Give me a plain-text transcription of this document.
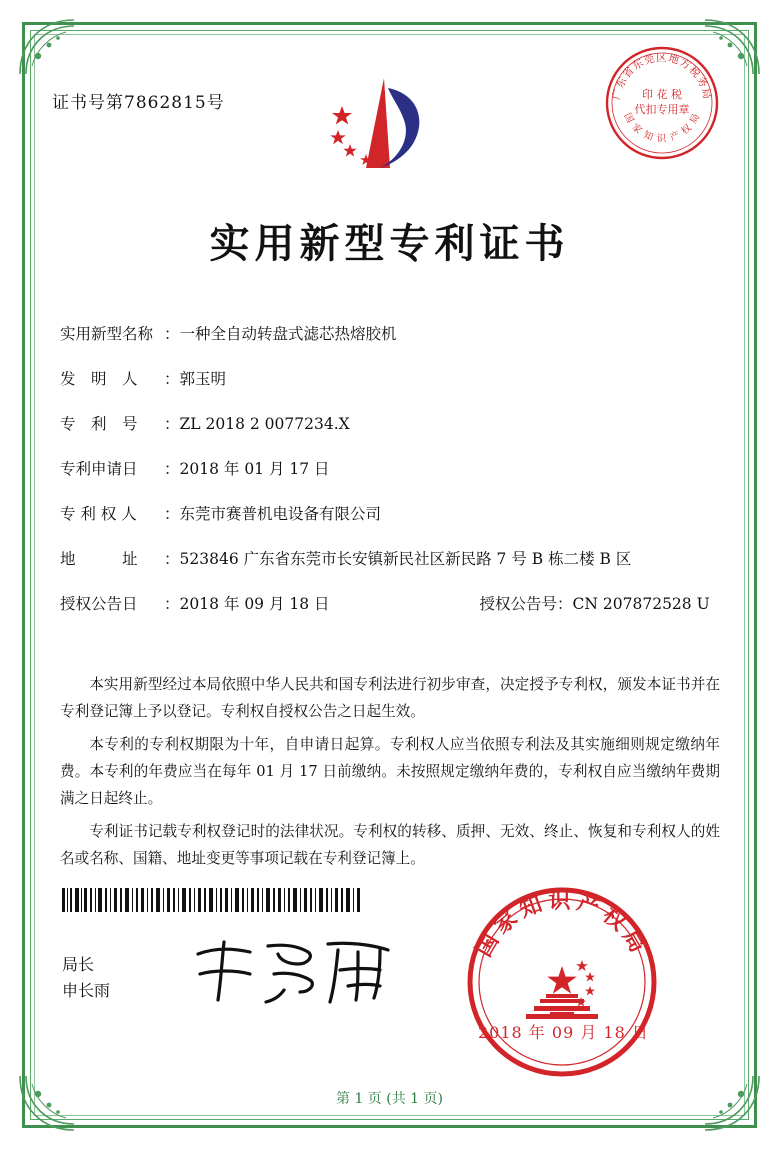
证书号第7862815号	广东省东莞区地方税务局
国 家 知 识 产 权 局
印 花 税
代扣专用章
实用新型专利证书
实用新型名称 ： 一种全自动转盘式滤芯热熔胶机
发　明　人	： 郭玉明
专　利　号	： ZL 2018 2 0077234.X
专利申请日	： 2018 年 01 月 17 日
专 利 权 人	： 东莞市赛普机电设备有限公司
地　　　址	： 523846 广东省东莞市长安镇新民社区新民路 7 号 B 栋二楼 B 区
授权公告日	： 2018 年 09 月 18 日	授权公告号 ： CN 207872528 U

本实用新型经过本局依照中华人民共和国专利法进行初步审查，决定授予专利权，颁发本证书并在专利登记簿上予以登记。专利权自授权公告之日起生效。

本专利的专利权期限为十年，自申请日起算。专利权人应当依照专利法及其实施细则规定缴纳年费。本专利的年费应当在每年 01 月 17 日前缴纳。未按照规定缴纳年费的，专利权自应当缴纳年费期满之日起终止。

专利证书记载专利权登记时的法律状况。专利权的转移、质押、无效、终止、恢复和专利权人的姓名或名称、国籍、地址变更等事项记载在专利登记簿上。

局长
申长雨
国家知识产权局
2018 年 09 月 18 日
第 1 页 (共 1 页)
